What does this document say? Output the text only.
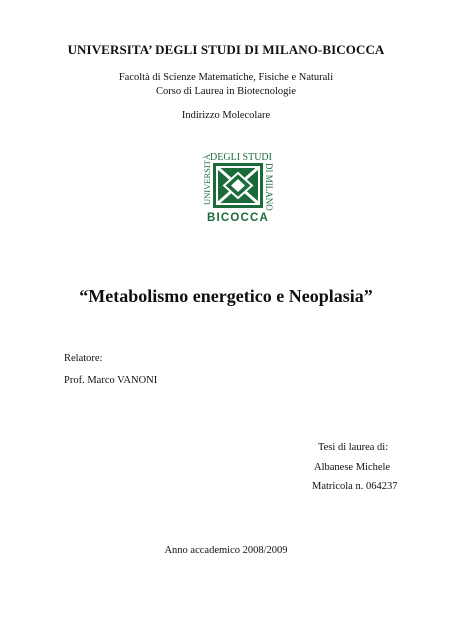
UNIVERSITA’ DEGLI STUDI DI MILANO-BICOCCA
Facoltà di Scienze Matematiche, Fisiche e Naturali
Corso di Laurea in Biotecnologie
Indirizzo Molecolare
DEGLI STUDI
UNIVERSITÀ	DI MILANO
BICOCCA
“Metabolismo energetico e Neoplasia”
Relatore:
Prof. Marco VANONI
Tesi di laurea di:
Albanese Michele
Matricola n. 064237
Anno accademico 2008/2009
